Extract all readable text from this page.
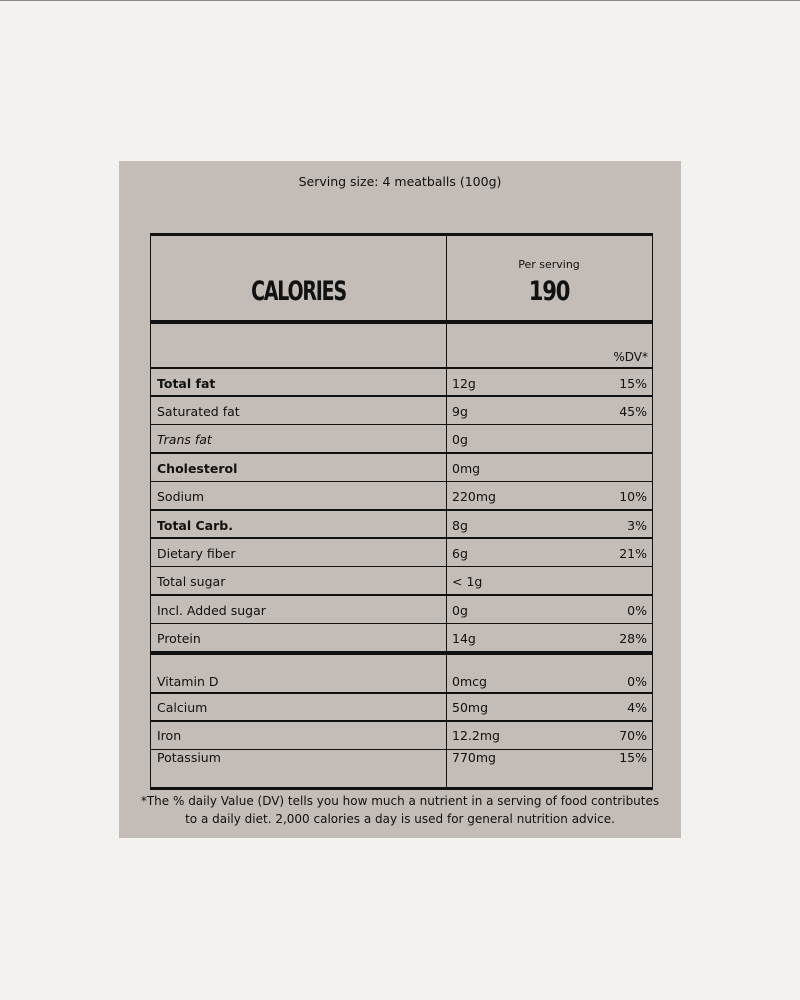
Serving size: 4 meatballs (100g)
CALORIES
Per serving
190
%DV*
Total fat	12g	15%
Saturated fat	9g	45%
Trans fat	0g
Cholesterol	0mg
Sodium	220mg	10%
Total Carb.	8g	3%
Dietary fiber	6g	21%
Total sugar	< 1g
Incl. Added sugar	0g	0%
Protein	14g	28%
Vitamin D	0mcg	0%
Calcium	50mg	4%
Iron	12.2mg	70%
Potassium	770mg	15%
*The % daily Value (DV) tells you how much a nutrient in a serving of food contributes to a daily diet. 2,000 calories a day is used for general nutrition advice.
